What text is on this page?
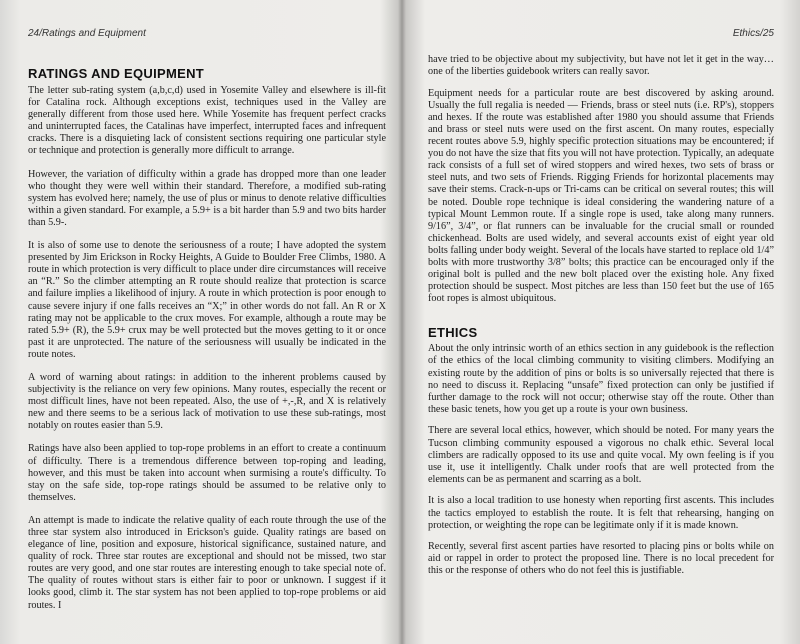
24/Ratings and Equipment
RATINGS AND EQUIPMENT

The letter sub-rating system (a,b,c,d) used in Yosemite Valley and elsewhere is ill-fit for Catalina rock. Although exceptions exist, techniques used in the Valley are generally different from those used here. While Yosemite has frequent perfect cracks and uninterrupted faces, the Catalinas have imperfect, interrupted faces and infrequent cracks. There is a disquieting lack of consistent sections requiring one particular style or technique and protection is generally more difficult to arrange.

However, the variation of difficulty within a grade has dropped more than one leader who thought they were well within their standard. Therefore, a modified sub-rating system has evolved here; namely, the use of plus or minus to denote relative difficulties within a given standard. For example, a 5.9+ is a bit harder than 5.9 and two bits harder than 5.9-.

It is also of some use to denote the seriousness of a route; I have adopted the system presented by Jim Erickson in Rocky Heights, A Guide to Boulder Free Climbs, 1980. A route in which protection is very difficult to place under dire circumstances will receive an “R.” So the climber attempting an R route should realize that protection is scarce and failure implies a likelihood of injury. A route in which protection is poor enough to cause severe injury if one falls receives an “X;” in other words do not fall. An R or X rating may not be applicable to the crux moves. For example, although a route may be rated 5.9+ (R), the 5.9+ crux may be well protected but the moves getting to it or once past it are unprotected. The nature of the seriousness will usually be indicated in the route notes.

A word of warning about ratings: in addition to the inherent problems caused by subjectivity is the reliance on very few opinions. Many routes, especially the recent or most difficult lines, have not been repeated. Also, the use of +,-,R, and X is relatively new and there seems to be a serious lack of motivation to use these sub-ratings, most notably on routes easier than 5.9.

Ratings have also been applied to top-rope problems in an effort to create a continuum of difficulty. There is a tremendous difference between top-roping and leading, however, and this must be taken into account when surmising a route's difficulty. To stay on the safe side, top-rope ratings should be assumed to be relative only to themselves.

An attempt is made to indicate the relative quality of each route through the use of the three star system also introduced in Erickson's guide. Quality ratings are based on elegance of line, position and exposure, historical significance, sustained nature, and quality of rock. Three star routes are exceptional and should not be missed, two star routes are very good, and one star routes are interesting enough to take special note of. The quality of routes without stars is either fair to poor or unknown. I suggest if it looks good, climb it. The star system has not been applied to top-rope problems or aid routes. I

Ethics/25

have tried to be objective about my subjectivity, but have not let it get in the way… one of the liberties guidebook writers can really savor.

Equipment needs for a particular route are best discovered by asking around. Usually the full regalia is needed — Friends, brass or steel nuts (i.e. RP's), stoppers and hexes. If the route was established after 1980 you should assume that Friends and brass or steel nuts were used on the first ascent. On many routes, especially recent routes above 5.9, highly specific protection situations may be encountered; if you do not have the size that fits you will not have protection. Typically, an adequate rack consists of a full set of wired stoppers and wired hexes, two sets of brass or steel nuts, and two sets of Friends. Rigging Friends for horizontal placements may save their stems. Crack-n-ups or Tri-cams can be critical on several routes; this will be noted. Double rope technique is ideal considering the wandering nature of a typical Mount Lemmon route. If a single rope is used, take along many runners. 9/16”, 3/4”, or flat runners can be invaluable for the crucial small or rounded chickenhead. Bolts are used widely, and several accounts exist of eight year old bolts falling under body weight. Several of the locals have started to replace old 1/4” bolts with more trustworthy 3/8” bolts; this practice can be encouraged only if the original bolt is pulled and the new bolt placed over the existing hole. Any fixed protection should be suspect. Most pitches are less than 150 feet but the use of 165 foot ropes is almost ubiquitous.

ETHICS

About the only intrinsic worth of an ethics section in any guidebook is the reflection of the ethics of the local climbing community to visiting climbers. Modifying an existing route by the addition of pins or bolts is so universally rejected that there is no need to discuss it. Replacing “unsafe” fixed protection can only be justified if further damage to the rock will not occur; otherwise stay off the route. Other than these basic tenets, how you get up a route is your own business.

There are several local ethics, however, which should be noted. For many years the Tucson climbing community espoused a vigorous no chalk ethic. Several local climbers are radically opposed to its use and quite vocal. My own feeling is if you use it, use it intelligently. Chalk under roofs that are well protected from the elements can be as permanent and scarring as a bolt.

It is also a local tradition to use honesty when reporting first ascents. This includes the tactics employed to establish the route. It is felt that rehearsing, hanging on protection, or weighting the rope can be legitimate only if it is made known.

Recently, several first ascent parties have resorted to placing pins or bolts while on aid or rappel in order to protect the proposed line. There is no local precedent for this or the response of others who do not feel this is justifiable.
